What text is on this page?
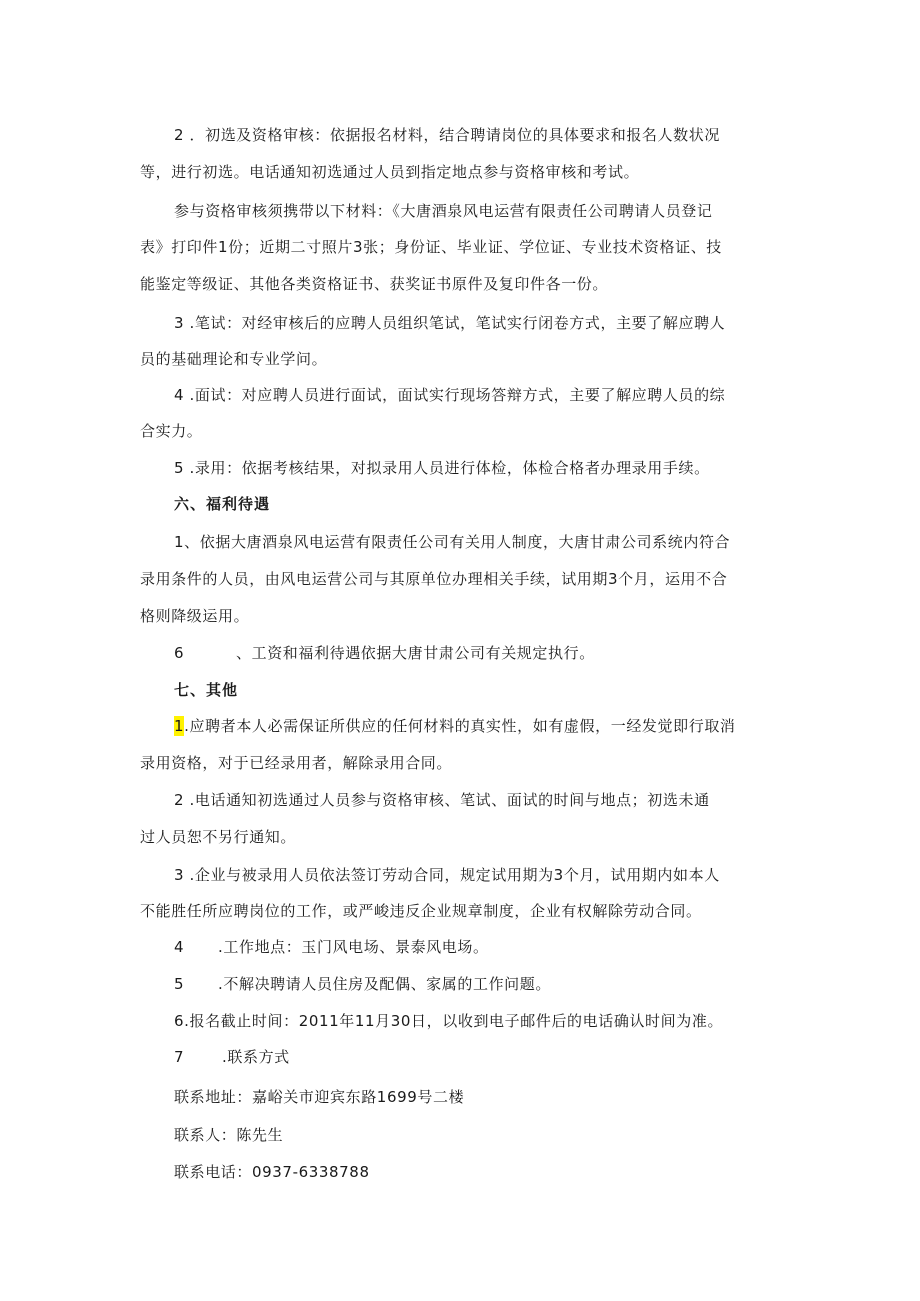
2 ．初选及资格审核：依据报名材料，结合聘请岗位的具体要求和报名人数状况
等，进行初选。电话通知初选通过人员到指定地点参与资格审核和考试。
参与资格审核须携带以下材料：《大唐酒泉风电运营有限责任公司聘请人员登记
表》打印件1份；近期二寸照片3张；身份证、毕业证、学位证、专业技术资格证、技
能鉴定等级证、其他各类资格证书、获奖证书原件及复印件各一份。
3 .笔试：对经审核后的应聘人员组织笔试，笔试实行闭卷方式，主要了解应聘人
员的基础理论和专业学问。
4 .面试：对应聘人员进行面试，面试实行现场答辩方式，主要了解应聘人员的综
合实力。
5 .录用：依据考核结果，对拟录用人员进行体检，体检合格者办理录用手续。
六、福利待遇
1、依据大唐酒泉风电运营有限责任公司有关用人制度，大唐甘肃公司系统内符合
录用条件的人员，由风电运营公司与其原单位办理相关手续，试用期3个月，运用不合
格则降级运用。
6	、工资和福利待遇依据大唐甘肃公司有关规定执行。
七、其他
1.应聘者本人必需保证所供应的任何材料的真实性，如有虚假，一经发觉即行取消
录用资格，对于已经录用者，解除录用合同。
2 .电话通知初选通过人员参与资格审核、笔试、面试的时间与地点；初选未通
过人员恕不另行通知。
3 .企业与被录用人员依法签订劳动合同，规定试用期为3个月，试用期内如本人
不能胜任所应聘岗位的工作，或严峻违反企业规章制度，企业有权解除劳动合同。
4 .工作地点：玉门风电场、景泰风电场。
5 .不解决聘请人员住房及配偶、家属的工作问题。
6.报名截止时间：2011年11月30日，以收到电子邮件后的电话确认时间为准。
7	.联系方式
联系地址：嘉峪关市迎宾东路1699号二楼
联系人：陈先生
联系电话：0937-6338788
